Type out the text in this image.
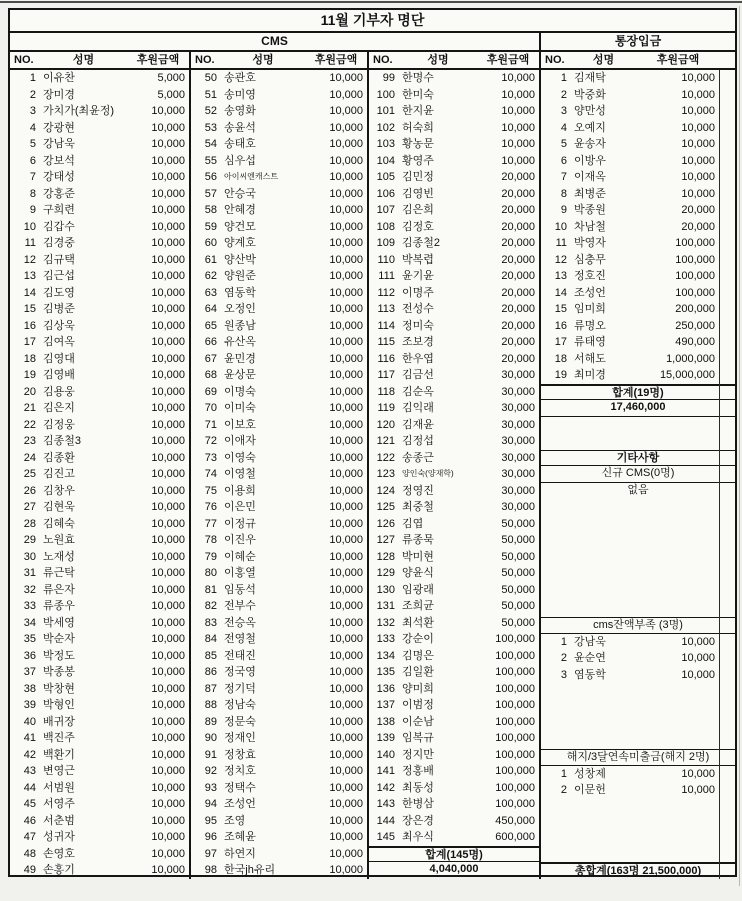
11월 기부자 명단
CMS	통장입금
NO.	성명	후원금액	NO.	성명	후원금액	NO.	성명	후원금액	NO.	성명	후원금액
1 이유찬	5,000
2 장미경	5,000
3 가치가(최윤정)	10,000
4 강광현	10,000
5 강남욱	10,000
6 강보석	10,000
7 강태성	10,000
8 강홍준	10,000
9 구희련	10,000
10 김갑수	10,000
11 김경중	10,000
12 김규택	10,000
13 김근섭	10,000
14 김도영	10,000
15 김병준	10,000
16 김상욱	10,000
17 김여옥	10,000
18 김영대	10,000
19 김영배	10,000
20 김용웅	10,000
21 김은지	10,000
22 김정웅	10,000
23 김종철3	10,000
24 김종환	10,000
25 김진고	10,000
26 김창우	10,000
27 김현욱	10,000
28 김혜숙	10,000
29 노원효	10,000
30 노재성	10,000
31 류근탁	10,000
32 류은자	10,000
33 류종우	10,000
34 박세영	10,000
35 박순자	10,000
36 박정도	10,000
37 박종봉	10,000
38 박창현	10,000
39 박형인	10,000
40 배귀장	10,000
41 백진주	10,000
42 백환기	10,000
43 변영근	10,000
44 서범원	10,000
45 서영주	10,000
46 서춘범	10,000
47 성귀자	10,000
48 손영호	10,000
49 손홍기	10,000
50 송관호	10,000
51 송미영	10,000
52 송영화	10,000
53 송윤석	10,000
54 송태호	10,000
55 심우섭	10,000
56 아이씨엔캐스트	10,000
57 안승국	10,000
58 안혜경	10,000
59 양건모	10,000
60 양계호	10,000
61 양산박	10,000
62 양원준	10,000
63 염동학	10,000
64 오정인	10,000
65 원종남	10,000
66 유산옥	10,000
67 윤민경	10,000
68 윤상문	10,000
69 이명숙	10,000
70 이미숙	10,000
71 이보호	10,000
72 이애자	10,000
73 이영숙	10,000
74 이영철	10,000
75 이용희	10,000
76 이은민	10,000
77 이정규	10,000
78 이진우	10,000
79 이혜순	10,000
80 이홍열	10,000
81 임동석	10,000
82 전부수	10,000
83 전승옥	10,000
84 전영철	10,000
85 전태진	10,000
86 정국영	10,000
87 정기덕	10,000
88 정남숙	10,000
89 정문숙	10,000
90 정재인	10,000
91 정창효	10,000
92 정치호	10,000
93 정택수	10,000
94 조성언	10,000
95 조영	10,000
96 조혜윤	10,000
97 하연지	10,000
98 한국jh유리	10,000
99 한명수	10,000
100 한미숙	10,000
101 한지윤	10,000
102 허숙희	10,000
103 황농문	10,000
104 황영주	10,000
105 김민정	20,000
106 김영빈	20,000
107 김은희	20,000
108 김정호	20,000
109 김종철2	20,000
110 박복렵	20,000
111 윤기윤	20,000
112 이명주	20,000
113 전성수	20,000
114 정미숙	20,000
115 조보경	20,000
116 한우엽	20,000
117 김금선	30,000
118 김순옥	30,000
119 김익래	30,000
120 김재윤	30,000
121 김정섭	30,000
122 송종근	30,000
123 양인숙(양재학)	30,000
124 정영진	30,000
125 최중철	30,000
126 김엽	50,000
127 류종묵	50,000
128 박미현	50,000
129 양윤식	50,000
130 임광래	50,000
131 조희균	50,000
132 최석환	50,000
133 강순이	100,000
134 김명은	100,000
135 김일환	100,000
136 양미희	100,000
137 이범정	100,000
138 이순남	100,000
139 임복규	100,000
140 정지만	100,000
141 정홍배	100,000
142 최동성	100,000
143 한병삼	100,000
144 장은경	450,000
145 최우식	600,000
합계(145명)
4,040,000
1 김재탁	10,000
2 박중화	10,000
3 양만성	10,000
4 오예지	10,000
5 윤송자	10,000
6 이방우	10,000
7 이재옥	10,000
8 최병준	10,000
9 박종원	20,000
10 차남철	20,000
11 박영자	100,000
12 심충무	100,000
13 정호진	100,000
14 조성언	100,000
15 임미희	200,000
16 류명오	250,000
17 류태영	490,000
18 서해도	1,000,000
19 최미경	15,000,000
합계(19명)
17,460,000
기타사항
신규 CMS(0명)
없음
cms잔액부족 (3명)
1 강남욱	10,000
2 윤순연	10,000
3 염동학	10,000
해지/3달연속미출금(해지 2명)
1 성창제	10,000
2 이문헌	10,000
총합계(163명 21,500,000)
